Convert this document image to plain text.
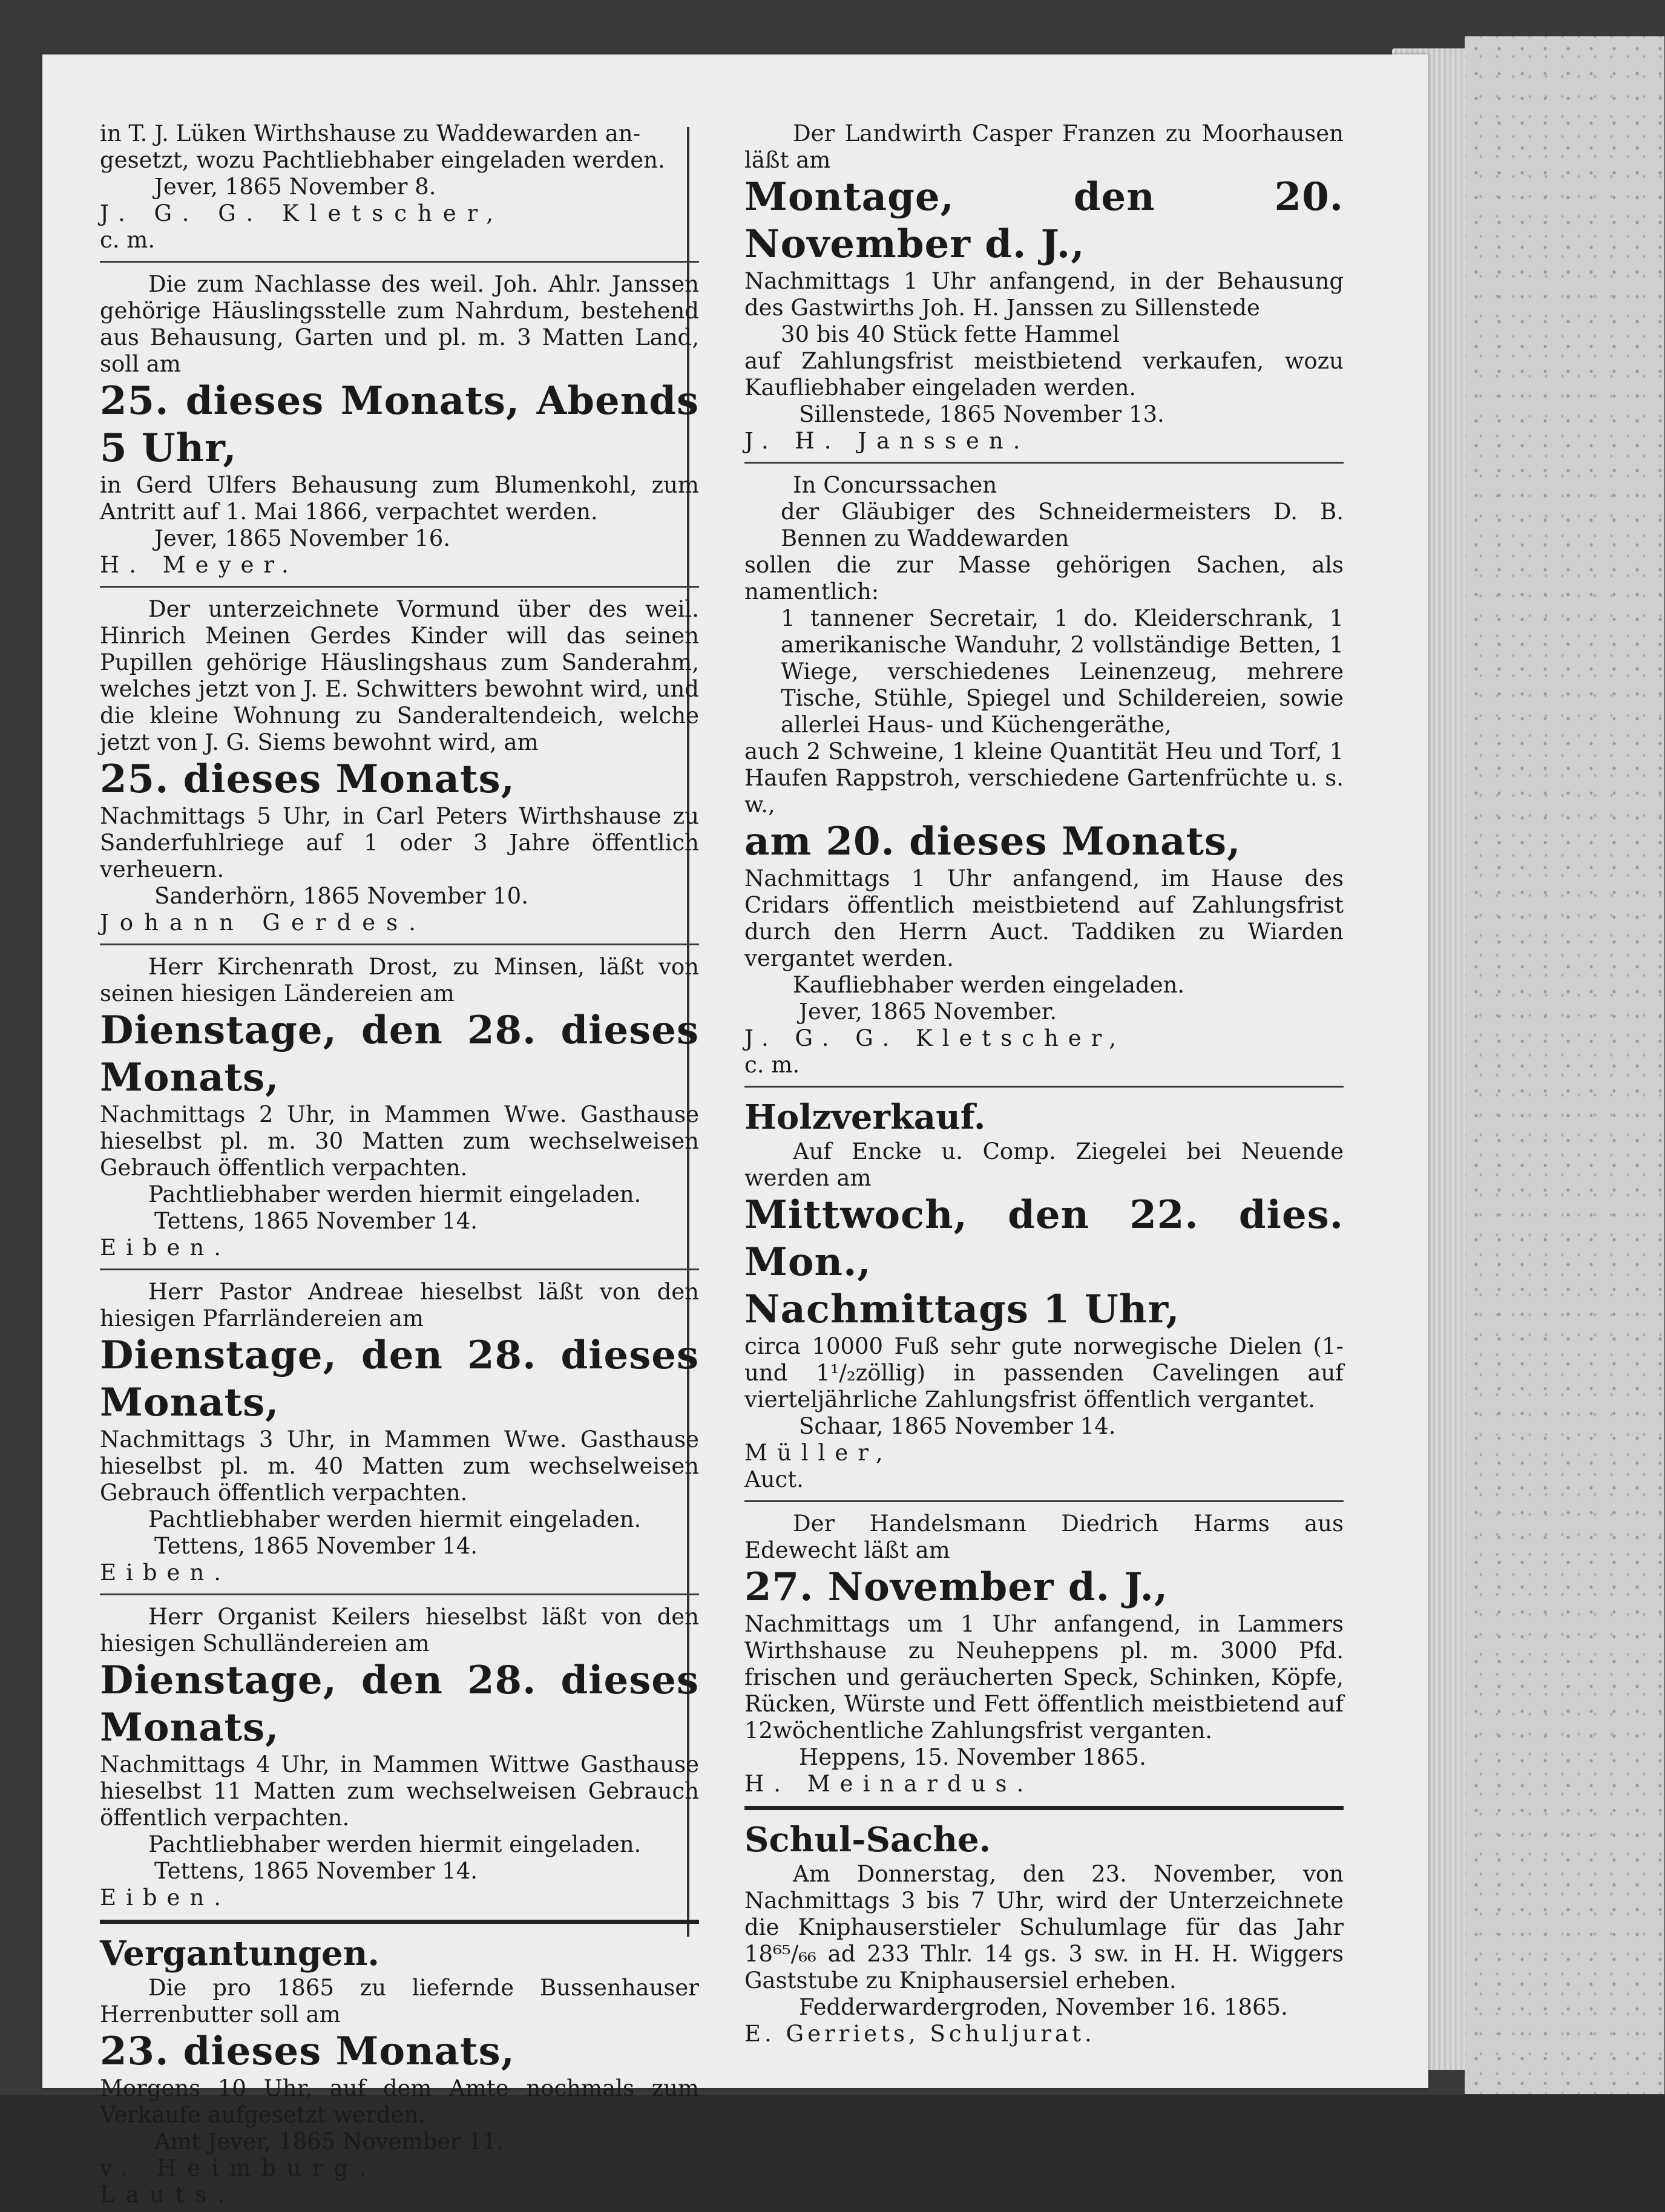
in T. J. Lüken Wirthshause zu Waddewarden an-

gesetzt, wozu Pachtliebhaber eingeladen werden.

Jever, 1865 November 8.

J. G. G. Kletscher,

c. m.

Die zum Nachlasse des weil. Joh. Ahlr. Janssen gehörige Häuslingsstelle zum Nahrdum, bestehend aus Behausung, Garten und pl. m. 3 Matten Land, soll am

25. dieses Monats, Abends 5 Uhr,

in Gerd Ulfers Behausung zum Blumenkohl, zum Antritt auf 1. Mai 1866, verpachtet werden.

Jever, 1865 November 16.

H. Meyer.

Der unterzeichnete Vormund über des weil. Hinrich Meinen Gerdes Kinder will das seinen Pupillen gehörige Häuslingshaus zum Sanderahm, welches jetzt von J. E. Schwitters bewohnt wird, und die kleine Wohnung zu Sanderaltendeich, welche jetzt von J. G. Siems bewohnt wird, am

25. dieses Monats,

Nachmittags 5 Uhr, in Carl Peters Wirthshause zu Sanderfuhlriege auf 1 oder 3 Jahre öffentlich verheuern.

Sanderhörn, 1865 November 10.

Johann Gerdes.

Herr Kirchenrath Drost, zu Minsen, läßt von seinen hiesigen Ländereien am

Dienstage, den 28. dieses Monats,

Nachmittags 2 Uhr, in Mammen Wwe. Gasthause hieselbst pl. m. 30 Matten zum wechselweisen Gebrauch öffentlich verpachten.

Pachtliebhaber werden hiermit eingeladen.

Tettens, 1865 November 14.

Eiben.

Herr Pastor Andreae hieselbst läßt von den hiesigen Pfarrländereien am

Dienstage, den 28. dieses Monats,

Nachmittags 3 Uhr, in Mammen Wwe. Gasthause hieselbst pl. m. 40 Matten zum wechselweisen Gebrauch öffentlich verpachten.

Pachtliebhaber werden hiermit eingeladen.

Tettens, 1865 November 14.

Eiben.

Herr Organist Keilers hieselbst läßt von den hiesigen Schulländereien am

Dienstage, den 28. dieses Monats,

Nachmittags 4 Uhr, in Mammen Wittwe Gasthause hieselbst 11 Matten zum wechselweisen Gebrauch öffentlich verpachten.

Pachtliebhaber werden hiermit eingeladen.

Tettens, 1865 November 14.

Eiben.

Vergantungen.

Die pro 1865 zu liefernde Bussenhauser Herrenbutter soll am

23. dieses Monats,

Morgens 10 Uhr, auf dem Amte nochmals zum Verkaufe aufgesetzt werden.

Amt Jever, 1865 November 11.

v. Heimburg.

Lauts.

Der Landwirth Casper Franzen zu Moorhausen läßt am

Montage, den 20. November d. J.,

Nachmittags 1 Uhr anfangend, in der Behausung des Gastwirths Joh. H. Janssen zu Sillenstede

30 bis 40 Stück fette Hammel

auf Zahlungsfrist meistbietend verkaufen, wozu Kaufliebhaber eingeladen werden.

Sillenstede, 1865 November 13.

J. H. Janssen.

In Concurssachen

der Gläubiger des Schneidermeisters D. B. Bennen zu Waddewarden

sollen die zur Masse gehörigen Sachen, als namentlich:

1 tannener Secretair, 1 do. Kleiderschrank, 1 amerikanische Wanduhr, 2 vollständige Betten, 1 Wiege, verschiedenes Leinenzeug, mehrere Tische, Stühle, Spiegel und Schildereien, sowie allerlei Haus- und Küchengeräthe,

auch 2 Schweine, 1 kleine Quantität Heu und Torf, 1 Haufen Rappstroh, verschiedene Gartenfrüchte u. s. w.,

am 20. dieses Monats,

Nachmittags 1 Uhr anfangend, im Hause des Cridars öffentlich meistbietend auf Zahlungsfrist durch den Herrn Auct. Taddiken zu Wiarden vergantet werden.

Kaufliebhaber werden eingeladen.

Jever, 1865 November.

J. G. G. Kletscher,

c. m.

Holzverkauf.

Auf Encke u. Comp. Ziegelei bei Neuende werden am

Mittwoch, den 22. dies. Mon.,

Nachmittags 1 Uhr,

circa 10000 Fuß sehr gute norwegische Dielen (1- und 1¹/₂zöllig) in passenden Cavelingen auf vierteljährliche Zahlungsfrist öffentlich vergantet.

Schaar, 1865 November 14.

Müller,

Auct.

Der Handelsmann Diedrich Harms aus Edewecht läßt am

27. November d. J.,

Nachmittags um 1 Uhr anfangend, in Lammers Wirthshause zu Neuheppens pl. m. 3000 Pfd. frischen und geräucherten Speck, Schinken, Köpfe, Rücken, Würste und Fett öffentlich meistbietend auf 12wöchentliche Zahlungsfrist verganten.

Heppens, 15. November 1865.

H. Meinardus.

Schul-Sache.

Am Donnerstag, den 23. November, von Nachmittags 3 bis 7 Uhr, wird der Unterzeichnete die Kniphauserstieler Schulumlage für das Jahr 18⁶⁵/₆₆ ad 233 Thlr. 14 gs. 3 sw. in H. H. Wiggers Gaststube zu Kniphausersiel erheben.

Fedderwardergroden, November 16. 1865.

E. Gerriets, Schuljurat.
